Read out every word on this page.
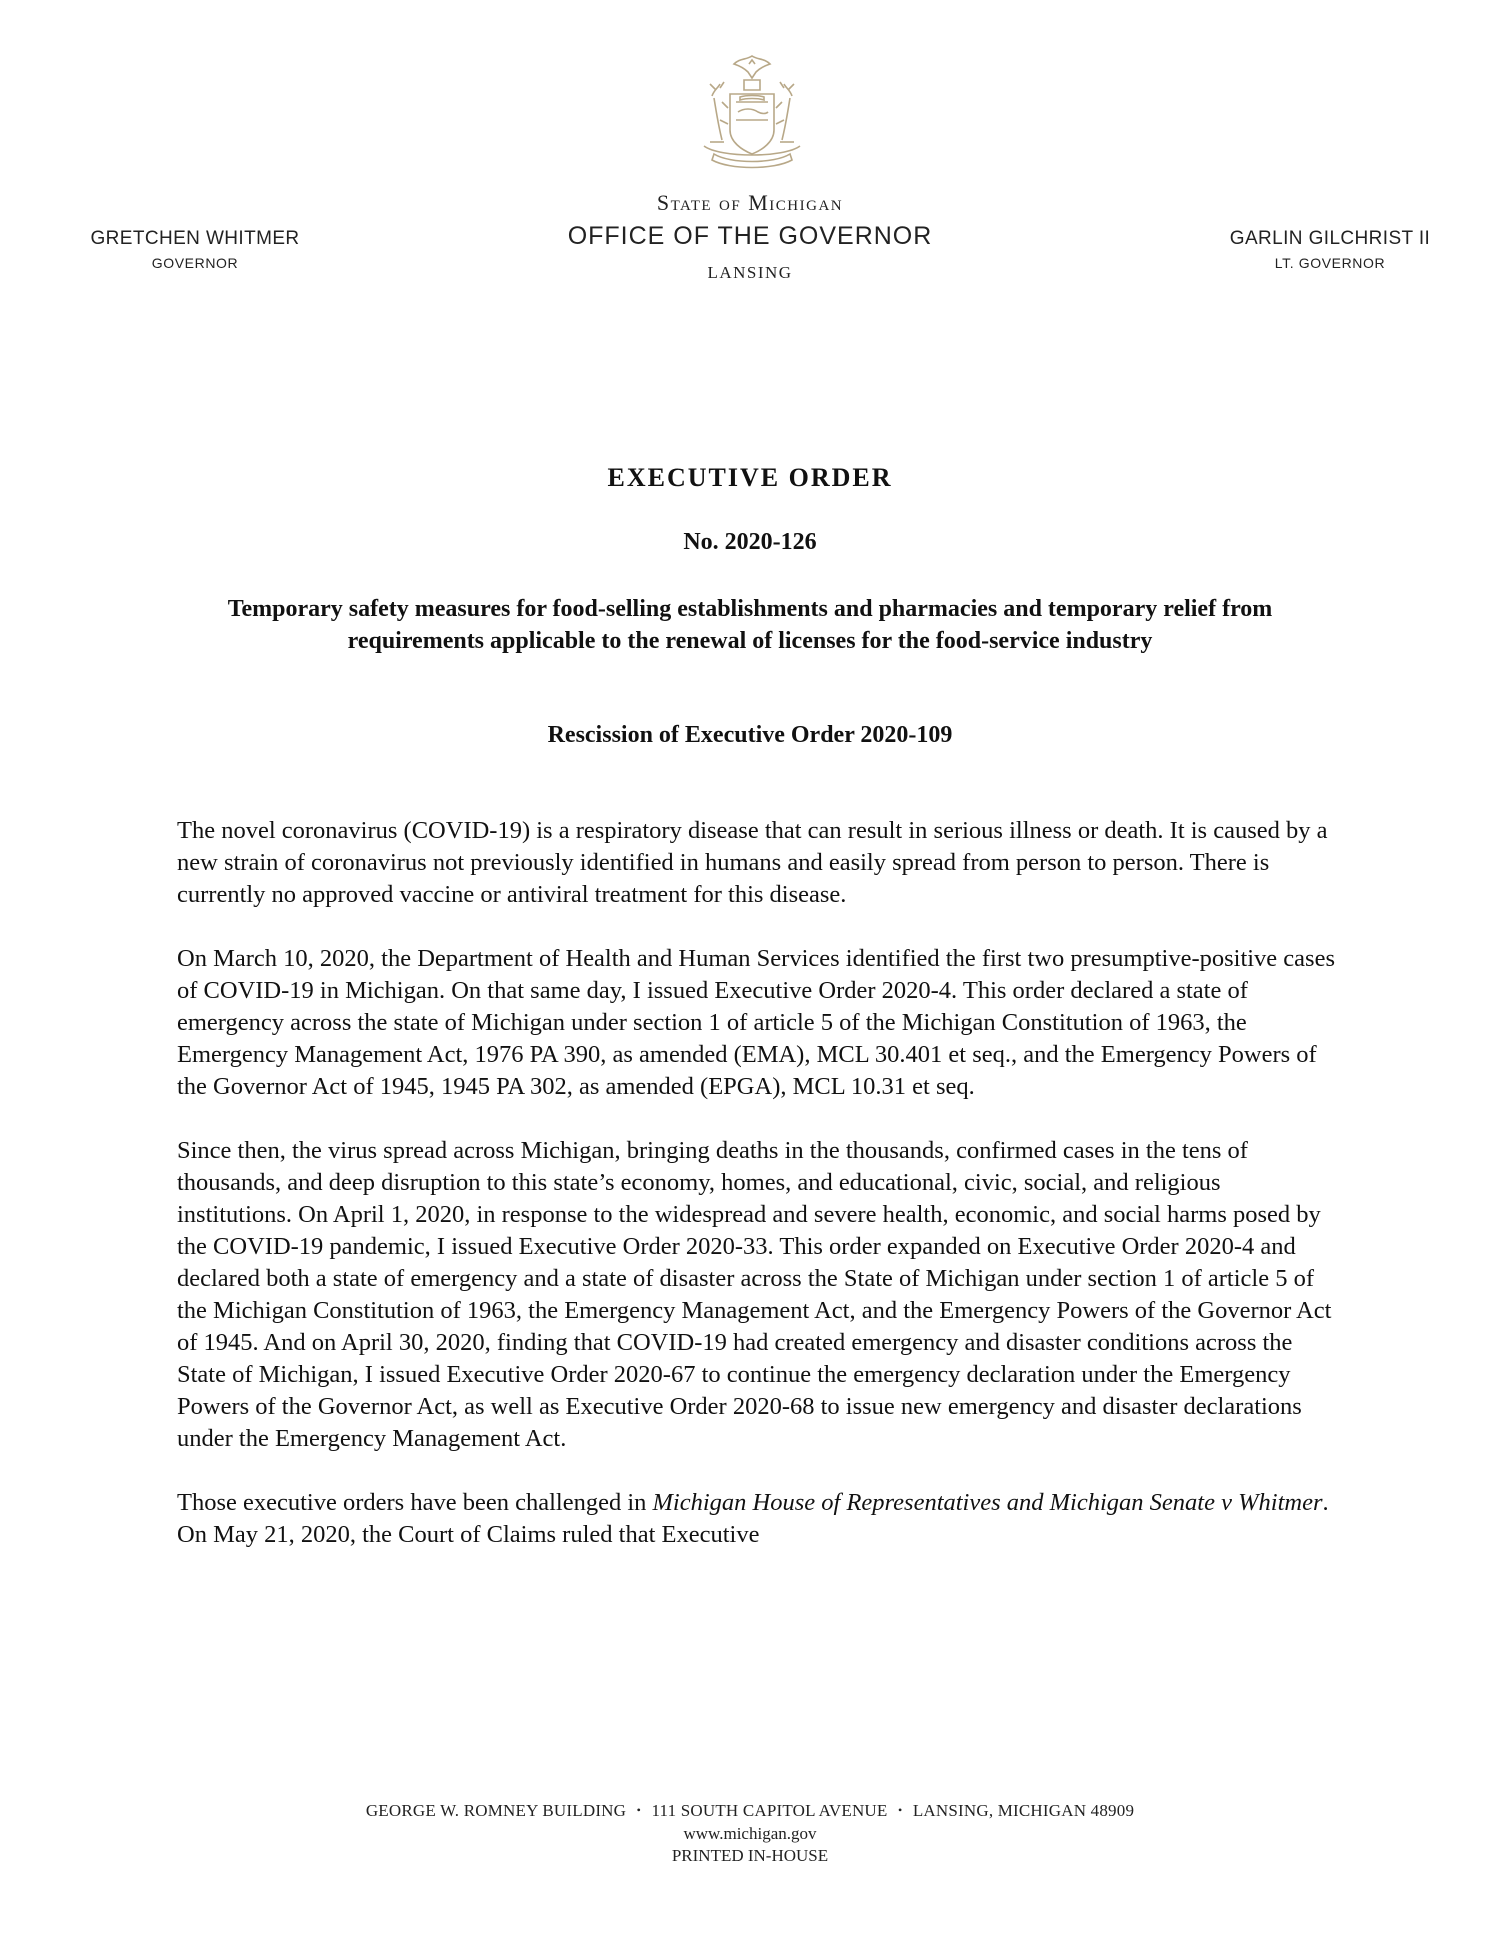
State of Michigan
OFFICE OF THE GOVERNOR
LANSING
GRETCHEN WHITMER
GOVERNOR
GARLIN GILCHRIST II
LT. GOVERNOR
EXECUTIVE ORDER
No. 2020-126
Temporary safety measures for food-selling establishments and pharmacies and temporary relief from requirements applicable to the renewal of licenses for the food-service industry
Rescission of Executive Order 2020-109

The novel coronavirus (COVID-19) is a respiratory disease that can result in serious illness or death. It is caused by a new strain of coronavirus not previously identified in humans and easily spread from person to person. There is currently no approved vaccine or antiviral treatment for this disease.

On March 10, 2020, the Department of Health and Human Services identified the first two presumptive-positive cases of COVID-19 in Michigan. On that same day, I issued Executive Order 2020-4. This order declared a state of emergency across the state of Michigan under section 1 of article 5 of the Michigan Constitution of 1963, the Emergency Management Act, 1976 PA 390, as amended (EMA), MCL 30.401 et seq., and the Emergency Powers of the Governor Act of 1945, 1945 PA 302, as amended (EPGA), MCL 10.31 et seq.

Since then, the virus spread across Michigan, bringing deaths in the thousands, confirmed cases in the tens of thousands, and deep disruption to this state’s economy, homes, and educational, civic, social, and religious institutions. On April 1, 2020, in response to the widespread and severe health, economic, and social harms posed by the COVID-19 pandemic, I issued Executive Order 2020-33. This order expanded on Executive Order 2020-4 and declared both a state of emergency and a state of disaster across the State of Michigan under section 1 of article 5 of the Michigan Constitution of 1963, the Emergency Management Act, and the Emergency Powers of the Governor Act of 1945. And on April 30, 2020, finding that COVID-19 had created emergency and disaster conditions across the State of Michigan, I issued Executive Order 2020-67 to continue the emergency declaration under the Emergency Powers of the Governor Act, as well as Executive Order 2020-68 to issue new emergency and disaster declarations under the Emergency Management Act.

Those executive orders have been challenged in Michigan House of Representatives and Michigan Senate v Whitmer. On May 21, 2020, the Court of Claims ruled that Executive

GEORGE W. ROMNEY BUILDING • 111 SOUTH CAPITOL AVENUE • LANSING, MICHIGAN 48909
www.michigan.gov
PRINTED IN-HOUSE
